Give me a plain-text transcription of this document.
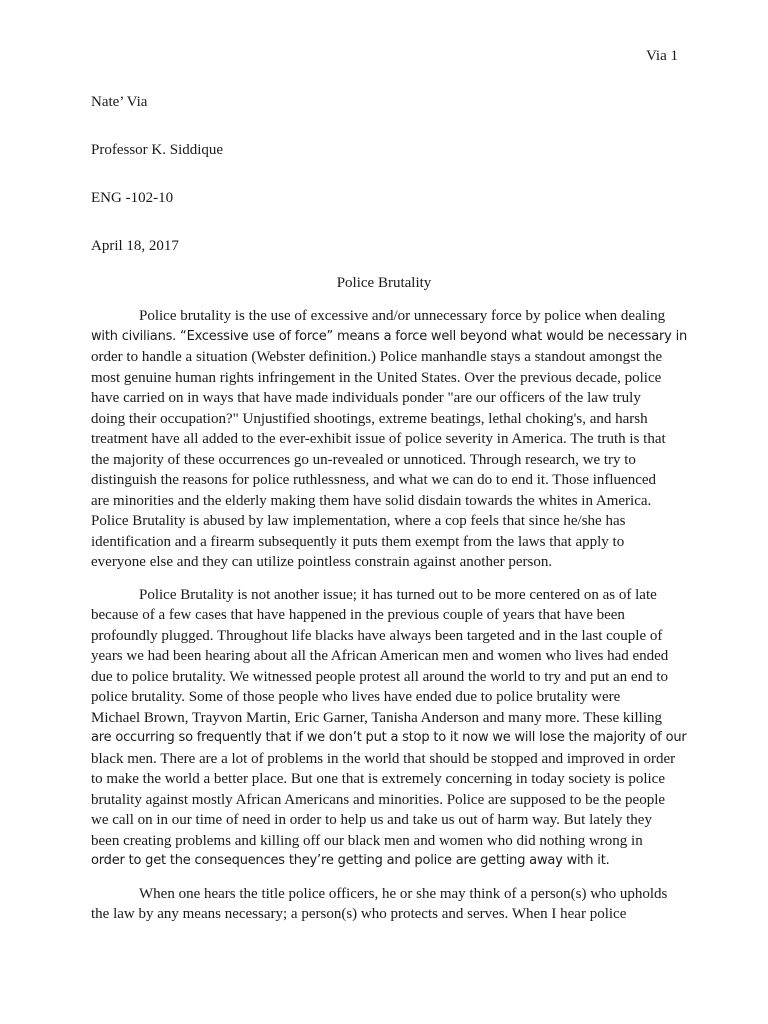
Via 1
Nate’ Via
Professor K. Siddique
ENG -102-10
April 18, 2017
Police Brutality
Police brutality is the use of excessive and/or unnecessary force by police when dealing
with civilians. “Excessive use of force” means a force well beyond what would be necessary in
order to handle a situation (Webster definition.) Police manhandle stays a standout amongst the
most genuine human rights infringement in the United States. Over the previous decade, police
have carried on in ways that have made individuals ponder "are our officers of the law truly
doing their occupation?" Unjustified shootings, extreme beatings, lethal choking's, and harsh
treatment have all added to the ever-exhibit issue of police severity in America. The truth is that
the majority of these occurrences go un-revealed or unnoticed. Through research, we try to
distinguish the reasons for police ruthlessness, and what we can do to end it. Those influenced
are minorities and the elderly making them have solid disdain towards the whites in America.
Police Brutality is abused by law implementation, where a cop feels that since he/she has
identification and a firearm subsequently it puts them exempt from the laws that apply to
everyone else and they can utilize pointless constrain against another person.
Police Brutality is not another issue; it has turned out to be more centered on as of late
because of a few cases that have happened in the previous couple of years that have been
profoundly plugged. Throughout life blacks have always been targeted and in the last couple of
years we had been hearing about all the African American men and women who lives had ended
due to police brutality. We witnessed people protest all around the world to try and put an end to
police brutality. Some of those people who lives have ended due to police brutality were
Michael Brown, Trayvon Martin, Eric Garner, Tanisha Anderson and many more. These killing
are occurring so frequently that if we don’t put a stop to it now we will lose the majority of our
black men. There are a lot of problems in the world that should be stopped and improved in order
to make the world a better place. But one that is extremely concerning in today society is police
brutality against mostly African Americans and minorities. Police are supposed to be the people
we call on in our time of need in order to help us and take us out of harm way. But lately they
been creating problems and killing off our black men and women who did nothing wrong in
order to get the consequences they’re getting and police are getting away with it.
When one hears the title police officers, he or she may think of a person(s) who upholds
the law by any means necessary; a person(s) who protects and serves. When I hear police
